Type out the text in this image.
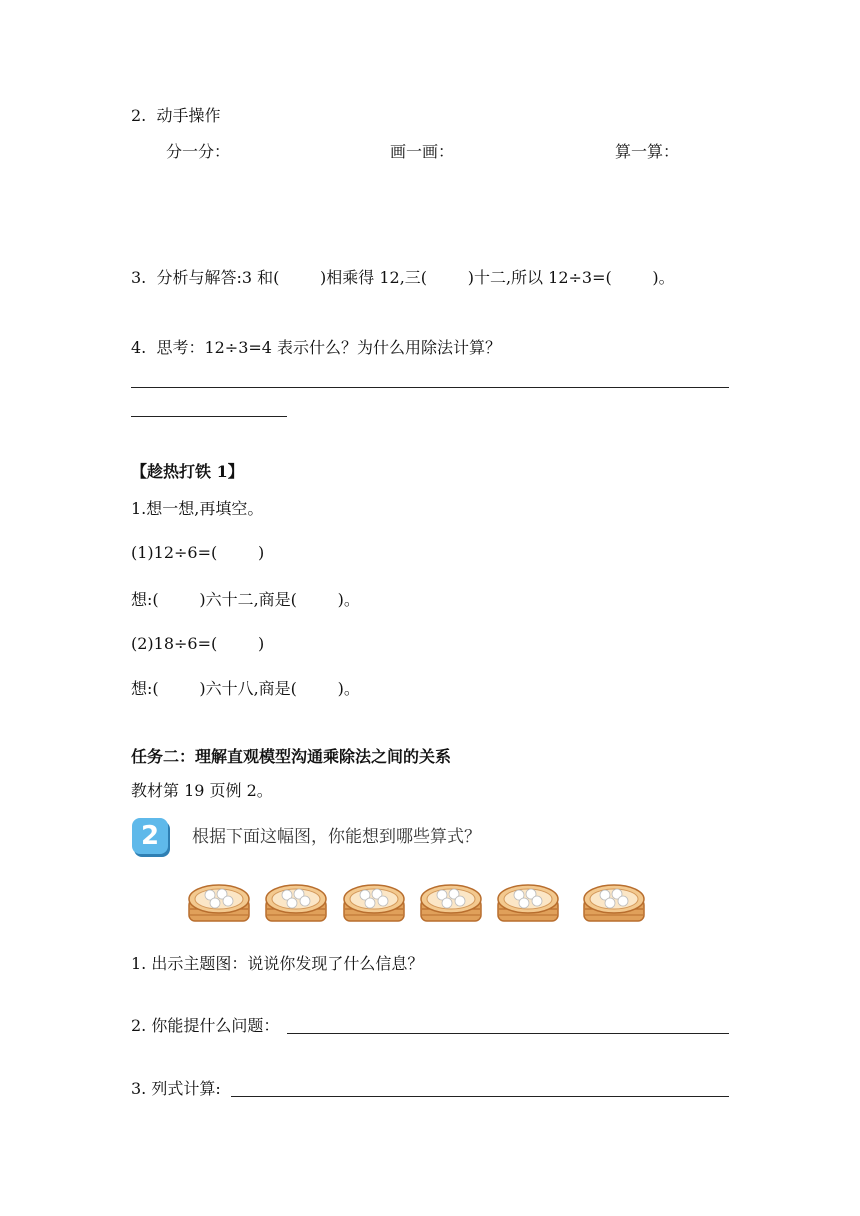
2.  动手操作
分一分：	画一画：	算一算：
3.  分析与解答:3 和(        )相乘得 12,三(        )十二,所以 12÷3=(        )。
4.  思考：12÷3=4 表示什么？为什么用除法计算？
【趁热打铁 1】
1.想一想,再填空。
(1)12÷6=(        )
想:(        )六十二,商是(        )。
(2)18÷6=(        )
想:(        )六十八,商是(        )。
任务二：理解直观模型沟通乘除法之间的关系
教材第 19 页例 2。
2	根据下面这幅图，你能想到哪些算式？
1. 出示主题图：说说你发现了什么信息？
2. 你能提什么问题：
3. 列式计算:
